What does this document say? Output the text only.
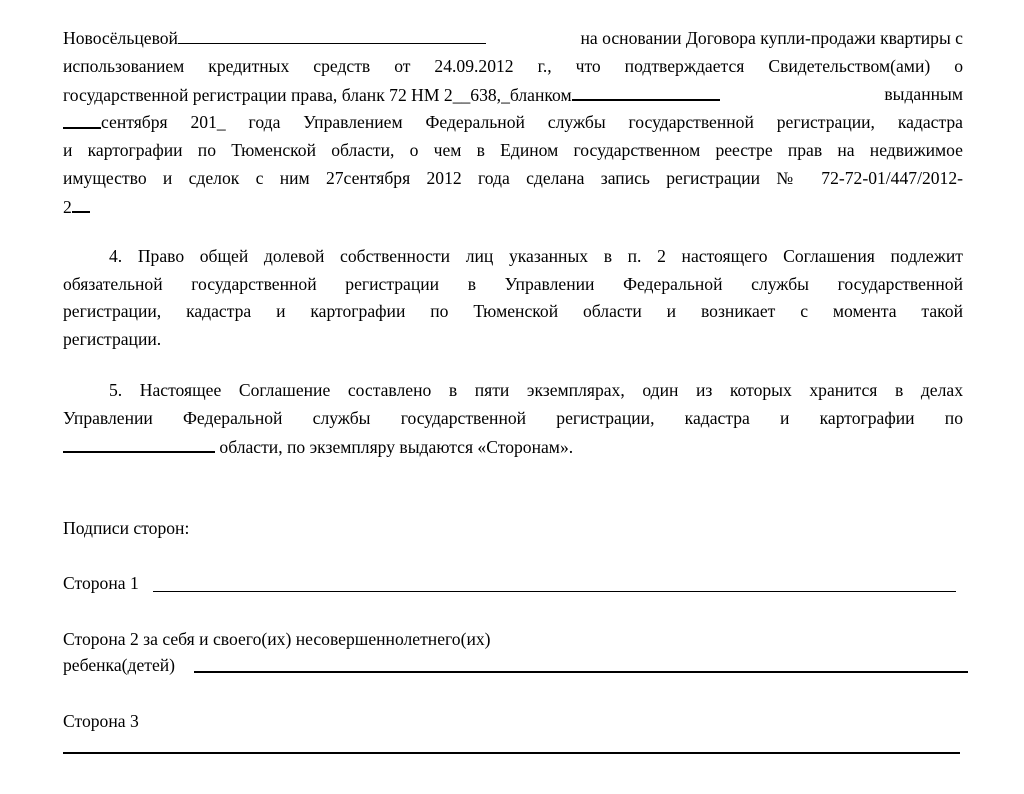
Новосёльцевой	на основании Договора купли-продажи квартиры с
использованием кредитных средств от 24.09.2012 г., что подтверждается Свидетельством(ами) о
государственной регистрации права, бланк 72 НМ 2__638,_бланком	выданным
сентября 201_ года Управлением Федеральной службы государственной регистрации, кадастра
и картографии по Тюменской области, о чем в Едином государственном реестре прав на недвижимое
имущество и сделок с ним 27сентября 2012 года сделана запись регистрации № 72-72-01/447/2012-
2
4. Право общей долевой собственности лиц указанных в п. 2 настоящего Соглашения подлежит
обязательной государственной регистрации в Управлении Федеральной службы государственной
регистрации, кадастра и картографии по Тюменской области и возникает с момента такой
регистрации.
5. Настоящее Соглашение составлено в пяти экземплярах, один из которых хранится в делах
Управлении Федеральной службы государственной регистрации, кадастра и картографии по
области, по экземпляру выдаются «Сторонам».
Подписи сторон:
Сторона 1
Сторона 2 за себя и своего(их) несовершеннолетнего(их)
ребенка(детей)
Сторона 3
